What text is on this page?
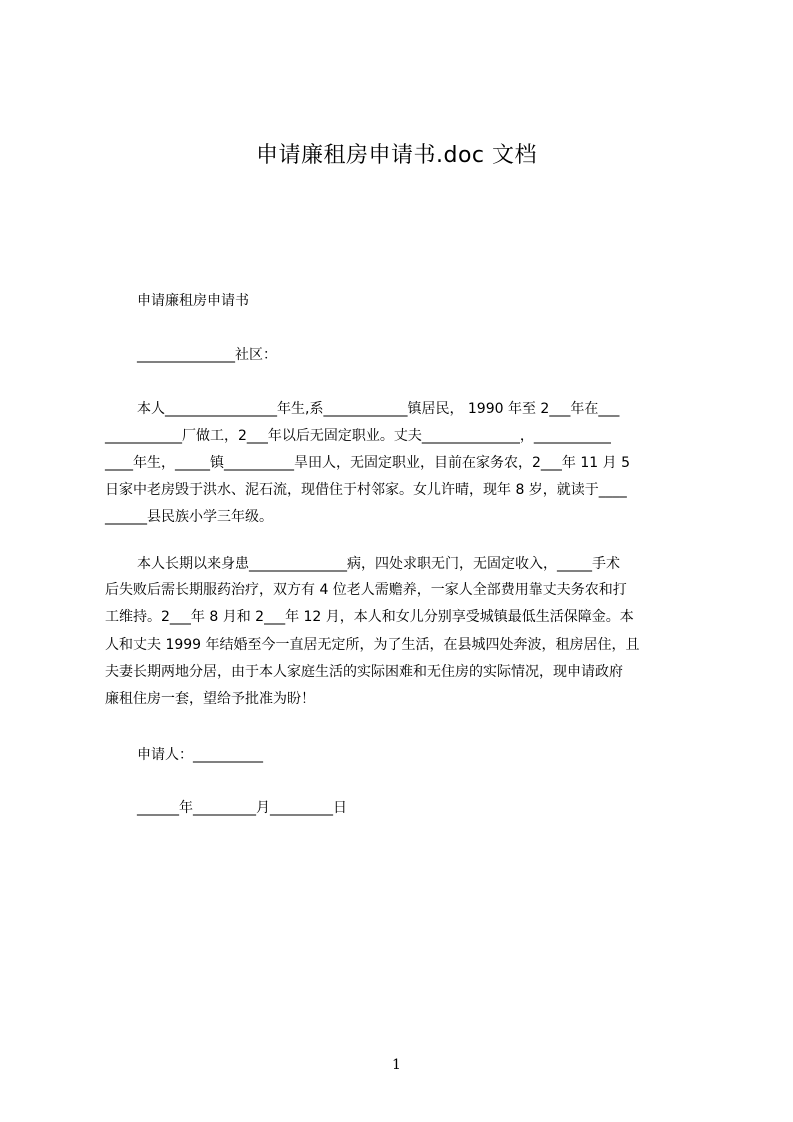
申请廉租房申请书.doc 文档
申请廉租房申请书
______________社区：
本人________________年生,系____________镇居民， 1990 年至 2___年在___
___________厂做工，2___年以后无固定职业。丈夫______________，___________
____年生，_____镇__________旱田人，无固定职业，目前在家务农，2___年 11 月 5
日家中老房毁于洪水、泥石流，现借住于村邻家。女儿许晴，现年 8 岁，就读于____
______县民族小学三年级。
本人长期以来身患______________病，四处求职无门，无固定收入，_____手术
后失败后需长期服药治疗，双方有 4 位老人需赡养，一家人全部费用靠丈夫务农和打
工维持。2___年 8 月和 2___年 12 月，本人和女儿分别享受城镇最低生活保障金。本
人和丈夫 1999 年结婚至今一直居无定所，为了生活，在县城四处奔波，租房居住，且
夫妻长期两地分居，由于本人家庭生活的实际困难和无住房的实际情况，现申请政府
廉租住房一套，望给予批准为盼！
申请人：__________
______年_________月_________日
1
